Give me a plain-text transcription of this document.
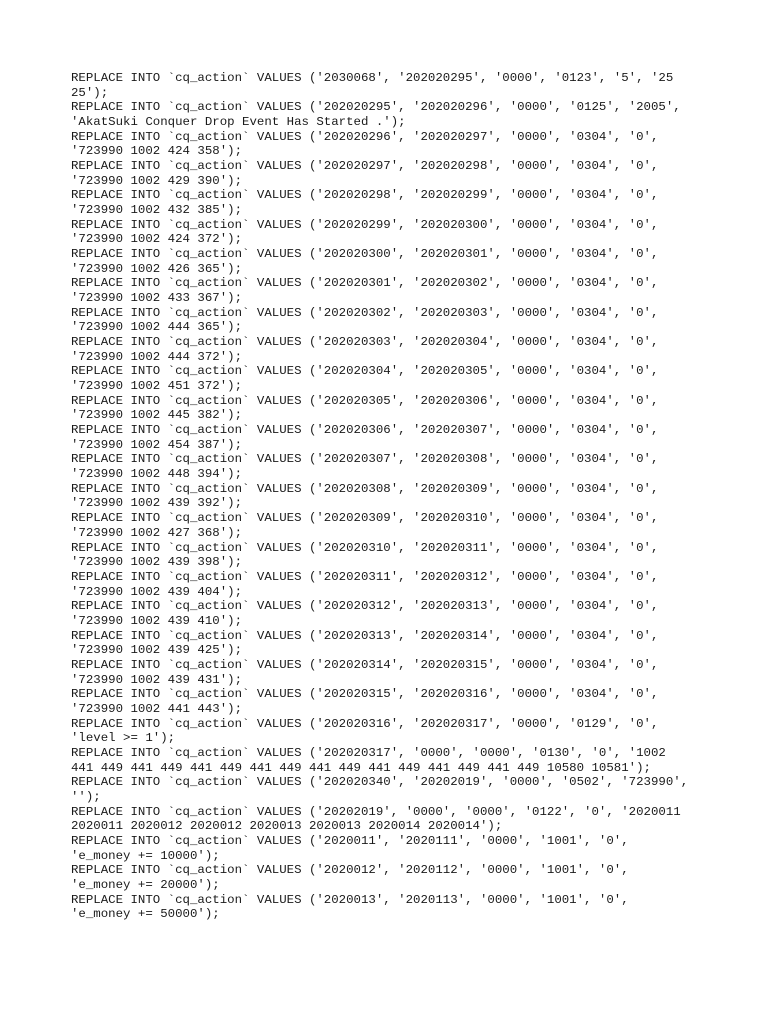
REPLACE INTO `cq_action` VALUES ('2030068', '202020295', '0000', '0123', '5', '25
25');
REPLACE INTO `cq_action` VALUES ('202020295', '202020296', '0000', '0125', '2005',
'AkatSuki Conquer Drop Event Has Started .');
REPLACE INTO `cq_action` VALUES ('202020296', '202020297', '0000', '0304', '0',
'723990 1002 424 358');
REPLACE INTO `cq_action` VALUES ('202020297', '202020298', '0000', '0304', '0',
'723990 1002 429 390');
REPLACE INTO `cq_action` VALUES ('202020298', '202020299', '0000', '0304', '0',
'723990 1002 432 385');
REPLACE INTO `cq_action` VALUES ('202020299', '202020300', '0000', '0304', '0',
'723990 1002 424 372');
REPLACE INTO `cq_action` VALUES ('202020300', '202020301', '0000', '0304', '0',
'723990 1002 426 365');
REPLACE INTO `cq_action` VALUES ('202020301', '202020302', '0000', '0304', '0',
'723990 1002 433 367');
REPLACE INTO `cq_action` VALUES ('202020302', '202020303', '0000', '0304', '0',
'723990 1002 444 365');
REPLACE INTO `cq_action` VALUES ('202020303', '202020304', '0000', '0304', '0',
'723990 1002 444 372');
REPLACE INTO `cq_action` VALUES ('202020304', '202020305', '0000', '0304', '0',
'723990 1002 451 372');
REPLACE INTO `cq_action` VALUES ('202020305', '202020306', '0000', '0304', '0',
'723990 1002 445 382');
REPLACE INTO `cq_action` VALUES ('202020306', '202020307', '0000', '0304', '0',
'723990 1002 454 387');
REPLACE INTO `cq_action` VALUES ('202020307', '202020308', '0000', '0304', '0',
'723990 1002 448 394');
REPLACE INTO `cq_action` VALUES ('202020308', '202020309', '0000', '0304', '0',
'723990 1002 439 392');
REPLACE INTO `cq_action` VALUES ('202020309', '202020310', '0000', '0304', '0',
'723990 1002 427 368');
REPLACE INTO `cq_action` VALUES ('202020310', '202020311', '0000', '0304', '0',
'723990 1002 439 398');
REPLACE INTO `cq_action` VALUES ('202020311', '202020312', '0000', '0304', '0',
'723990 1002 439 404');
REPLACE INTO `cq_action` VALUES ('202020312', '202020313', '0000', '0304', '0',
'723990 1002 439 410');
REPLACE INTO `cq_action` VALUES ('202020313', '202020314', '0000', '0304', '0',
'723990 1002 439 425');
REPLACE INTO `cq_action` VALUES ('202020314', '202020315', '0000', '0304', '0',
'723990 1002 439 431');
REPLACE INTO `cq_action` VALUES ('202020315', '202020316', '0000', '0304', '0',
'723990 1002 441 443');
REPLACE INTO `cq_action` VALUES ('202020316', '202020317', '0000', '0129', '0',
'level >= 1');
REPLACE INTO `cq_action` VALUES ('202020317', '0000', '0000', '0130', '0', '1002
441 449 441 449 441 449 441 449 441 449 441 449 441 449 441 449 10580 10581');
REPLACE INTO `cq_action` VALUES ('202020340', '20202019', '0000', '0502', '723990',
'');
REPLACE INTO `cq_action` VALUES ('20202019', '0000', '0000', '0122', '0', '2020011
2020011 2020012 2020012 2020013 2020013 2020014 2020014');
REPLACE INTO `cq_action` VALUES ('2020011', '2020111', '0000', '1001', '0',
'e_money += 10000');
REPLACE INTO `cq_action` VALUES ('2020012', '2020112', '0000', '1001', '0',
'e_money += 20000');
REPLACE INTO `cq_action` VALUES ('2020013', '2020113', '0000', '1001', '0',
'e_money += 50000');
